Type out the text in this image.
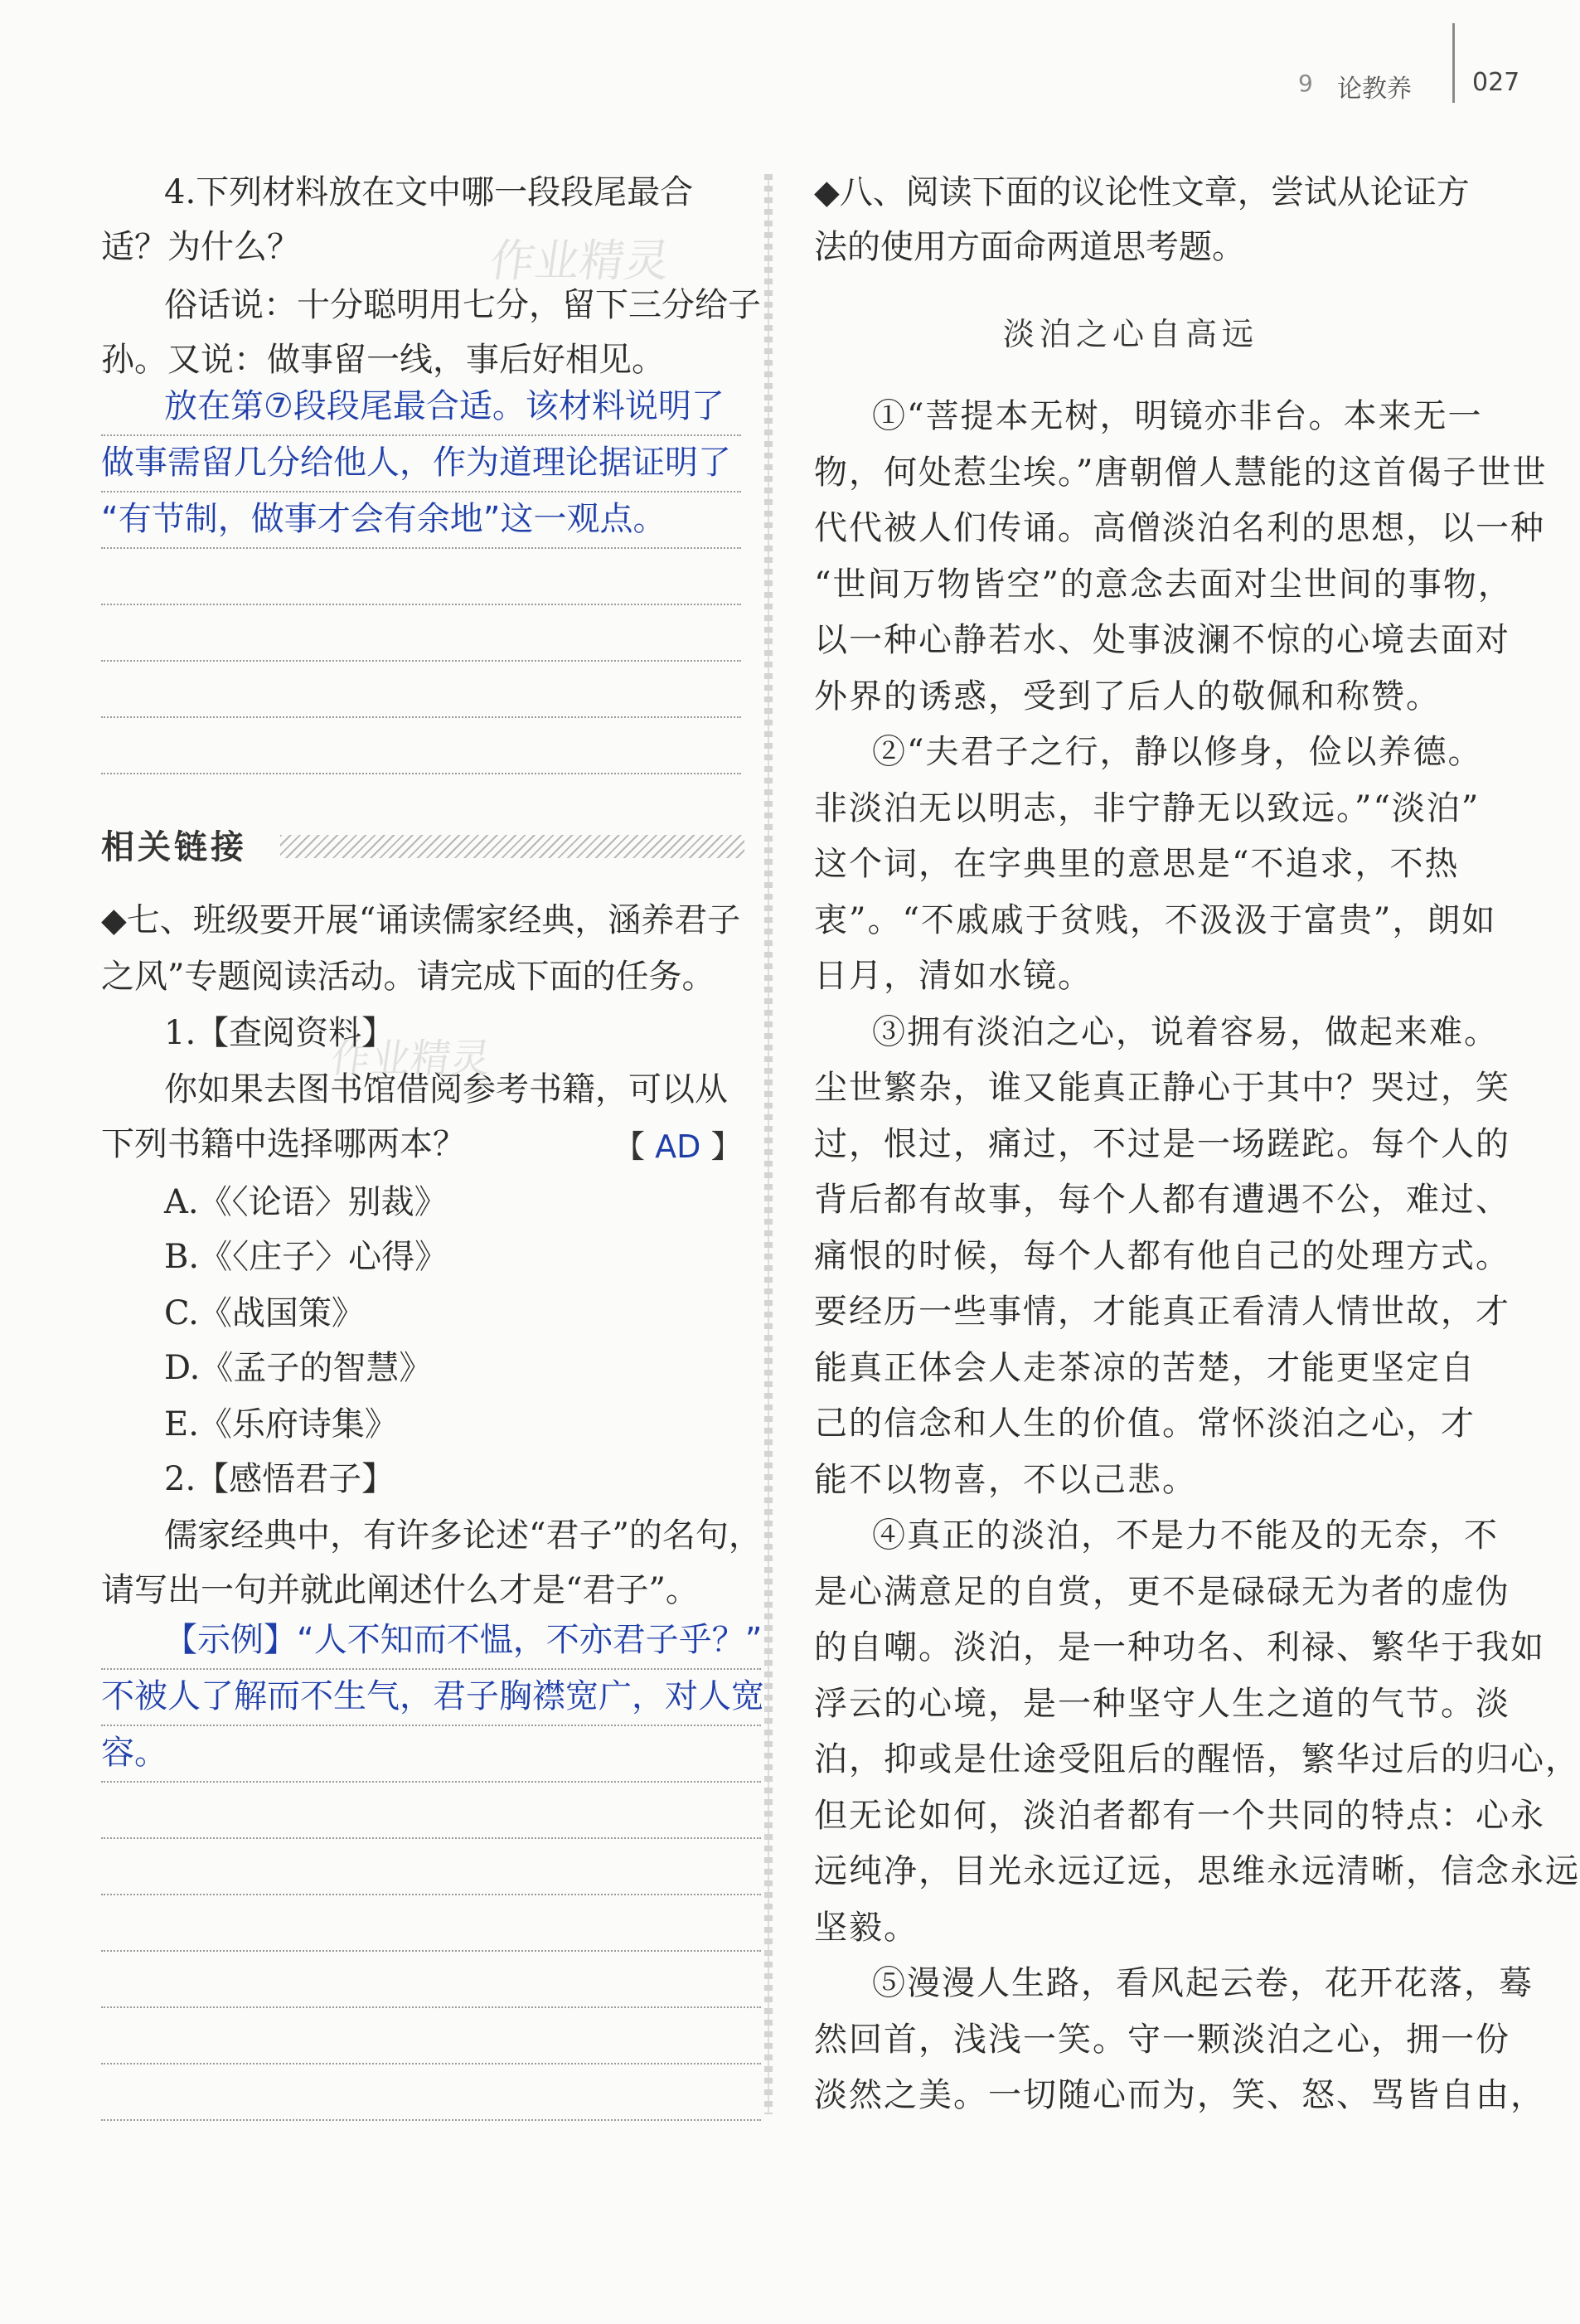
9 论教养 027
作业精灵
作业精灵
4.下列材料放在文中哪一段段尾最合
适？为什么？
俗话说：十分聪明用七分，留下三分给子
孙。又说：做事留一线，事后好相见。
放在第⑦段段尾最合适。该材料说明了
做事需留几分给他人，作为道理论据证明了
“有节制，做事才会有余地”这一观点。
相关链接
◆七、班级要开展“诵读儒家经典，涵养君子
之风”专题阅读活动。请完成下面的任务。
1.【查阅资料】
你如果去图书馆借阅参考书籍，可以从
下列书籍中选择哪两本？	【 AD 】
A.《〈论语〉别裁》
B.《〈庄子〉心得》
C.《战国策》
D.《孟子的智慧》
E.《乐府诗集》
2.【感悟君子】
儒家经典中，有许多论述“君子”的名句，
请写出一句并就此阐述什么才是“君子”。
【示例】“人不知而不愠，不亦君子乎？”
不被人了解而不生气，君子胸襟宽广，对人宽
容。
◆八、阅读下面的议论性文章，尝试从论证方
法的使用方面命两道思考题。
淡泊之心自高远
①“菩提本无树，明镜亦非台。本来无一
物，何处惹尘埃。”唐朝僧人慧能的这首偈子世世
代代被人们传诵。高僧淡泊名利的思想，以一种
“世间万物皆空”的意念去面对尘世间的事物，
以一种心静若水、处事波澜不惊的心境去面对
外界的诱惑，受到了后人的敬佩和称赞。
②“夫君子之行，静以修身，俭以养德。
非淡泊无以明志，非宁静无以致远。”“淡泊”
这个词，在字典里的意思是“不追求，不热
衷”。“不戚戚于贫贱，不汲汲于富贵”，朗如
日月，清如水镜。
③拥有淡泊之心，说着容易，做起来难。
尘世繁杂，谁又能真正静心于其中？哭过，笑
过，恨过，痛过，不过是一场蹉跎。每个人的
背后都有故事，每个人都有遭遇不公，难过、
痛恨的时候，每个人都有他自己的处理方式。
要经历一些事情，才能真正看清人情世故，才
能真正体会人走茶凉的苦楚，才能更坚定自
己的信念和人生的价值。常怀淡泊之心，才
能不以物喜，不以己悲。
④真正的淡泊，不是力不能及的无奈，不
是心满意足的自赏，更不是碌碌无为者的虚伪
的自嘲。淡泊，是一种功名、利禄、繁华于我如
浮云的心境，是一种坚守人生之道的气节。淡
泊，抑或是仕途受阻后的醒悟，繁华过后的归心，
但无论如何，淡泊者都有一个共同的特点：心永
远纯净，目光永远辽远，思维永远清晰，信念永远
坚毅。
⑤漫漫人生路，看风起云卷，花开花落，蓦
然回首，浅浅一笑。守一颗淡泊之心，拥一份
淡然之美。一切随心而为，笑、怒、骂皆自由，
